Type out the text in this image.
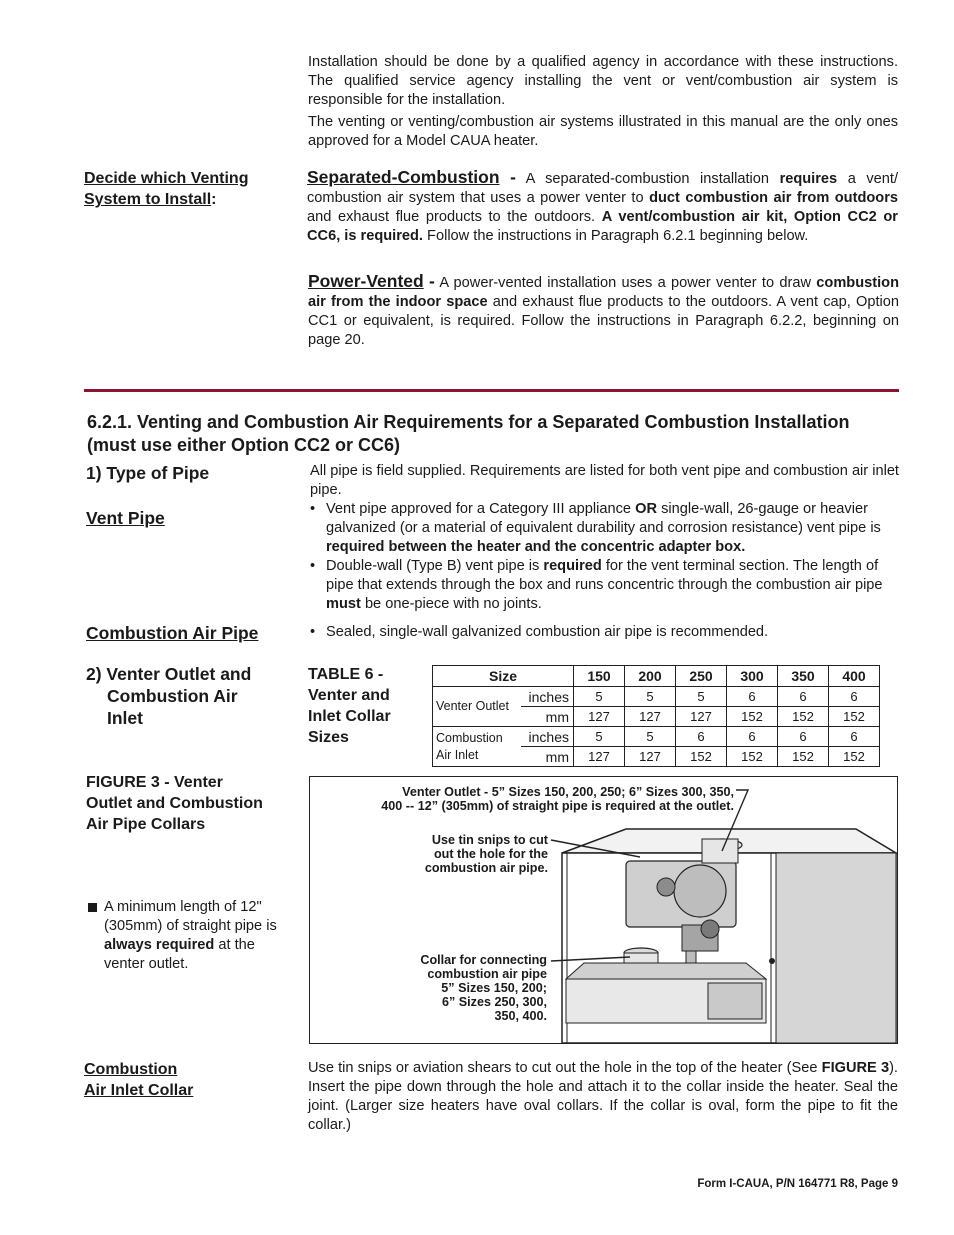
Installation should be done by a qualified agency in accordance with these instructions. The qualified service agency installing the vent or vent/combustion air system is responsible for the installation.

The venting or venting/combustion air systems illustrated in this manual are the only ones approved for a Model CAUA heater.

Decide which Venting System to Install:
Separated-Combustion - A separated-combustion installation requires a vent/ combustion air system that uses a power venter to duct combustion air from outdoors and exhaust flue products to the outdoors. A vent/combustion air kit, Option CC2 or CC6, is required. Follow the instructions in Paragraph 6.2.1 beginning below.
Power-Vented - A power-vented installation uses a power venter to draw combustion air from the indoor space and exhaust flue products to the outdoors. A vent cap, Option CC1 or equivalent, is required. Follow the instructions in Paragraph 6.2.2, beginning on page 20.
6.2.1. Venting and Combustion Air Requirements for a Separated Combustion Installation
(must use either Option CC2 or CC6)
1) Type of Pipe	All pipe is field supplied. Requirements are listed for both vent pipe and combustion air inlet pipe.
Vent Pipe	• Vent pipe approved for a Category III appliance OR single-wall, 26-gauge or heavier galvanized (or a material of equivalent durability and corrosion resistance) vent pipe is required between the heater and the concentric adapter box.
• Double-wall (Type B) vent pipe is required for the vent terminal section. The length of pipe that extends through the box and runs concentric through the combustion air pipe must be one-piece with no joints.
Combustion Air Pipe	• Sealed, single-wall galvanized combustion air pipe is recommended.
2) Venter Outlet and
Combustion Air
Inlet
TABLE 6 -
Venter and
Inlet Collar
Sizes
Size		150	200	250	300	350	400
Venter Outlet	inches	5	5	5	6	6	6
	mm	127	127	127	152	152	152
Combustion Air Inlet	inches	5	5	6	6	6	6
	mm	127	127	152	152	152	152
FIGURE 3 - Venter
Outlet and Combustion
Air Pipe Collars
A minimum length of 12" (305mm) of straight pipe is always required at the venter outlet.
Venter Outlet - 5” Sizes 150, 200, 250; 6” Sizes 300, 350,
400 -- 12” (305mm) of straight pipe is required at the outlet.
Use tin snips to cut
out the hole for the
combustion air pipe.
Collar for connecting
combustion air pipe
5” Sizes 150, 200;
6” Sizes 250, 300,
350, 400.
Combustion
Air Inlet Collar
Use tin snips or aviation shears to cut out the hole in the top of the heater (See FIGURE 3). Insert the pipe down through the hole and attach it to the collar inside the heater. Seal the joint. (Larger size heaters have oval collars. If the collar is oval, form the pipe to fit the collar.)
Form I-CAUA, P/N 164771 R8, Page 9
